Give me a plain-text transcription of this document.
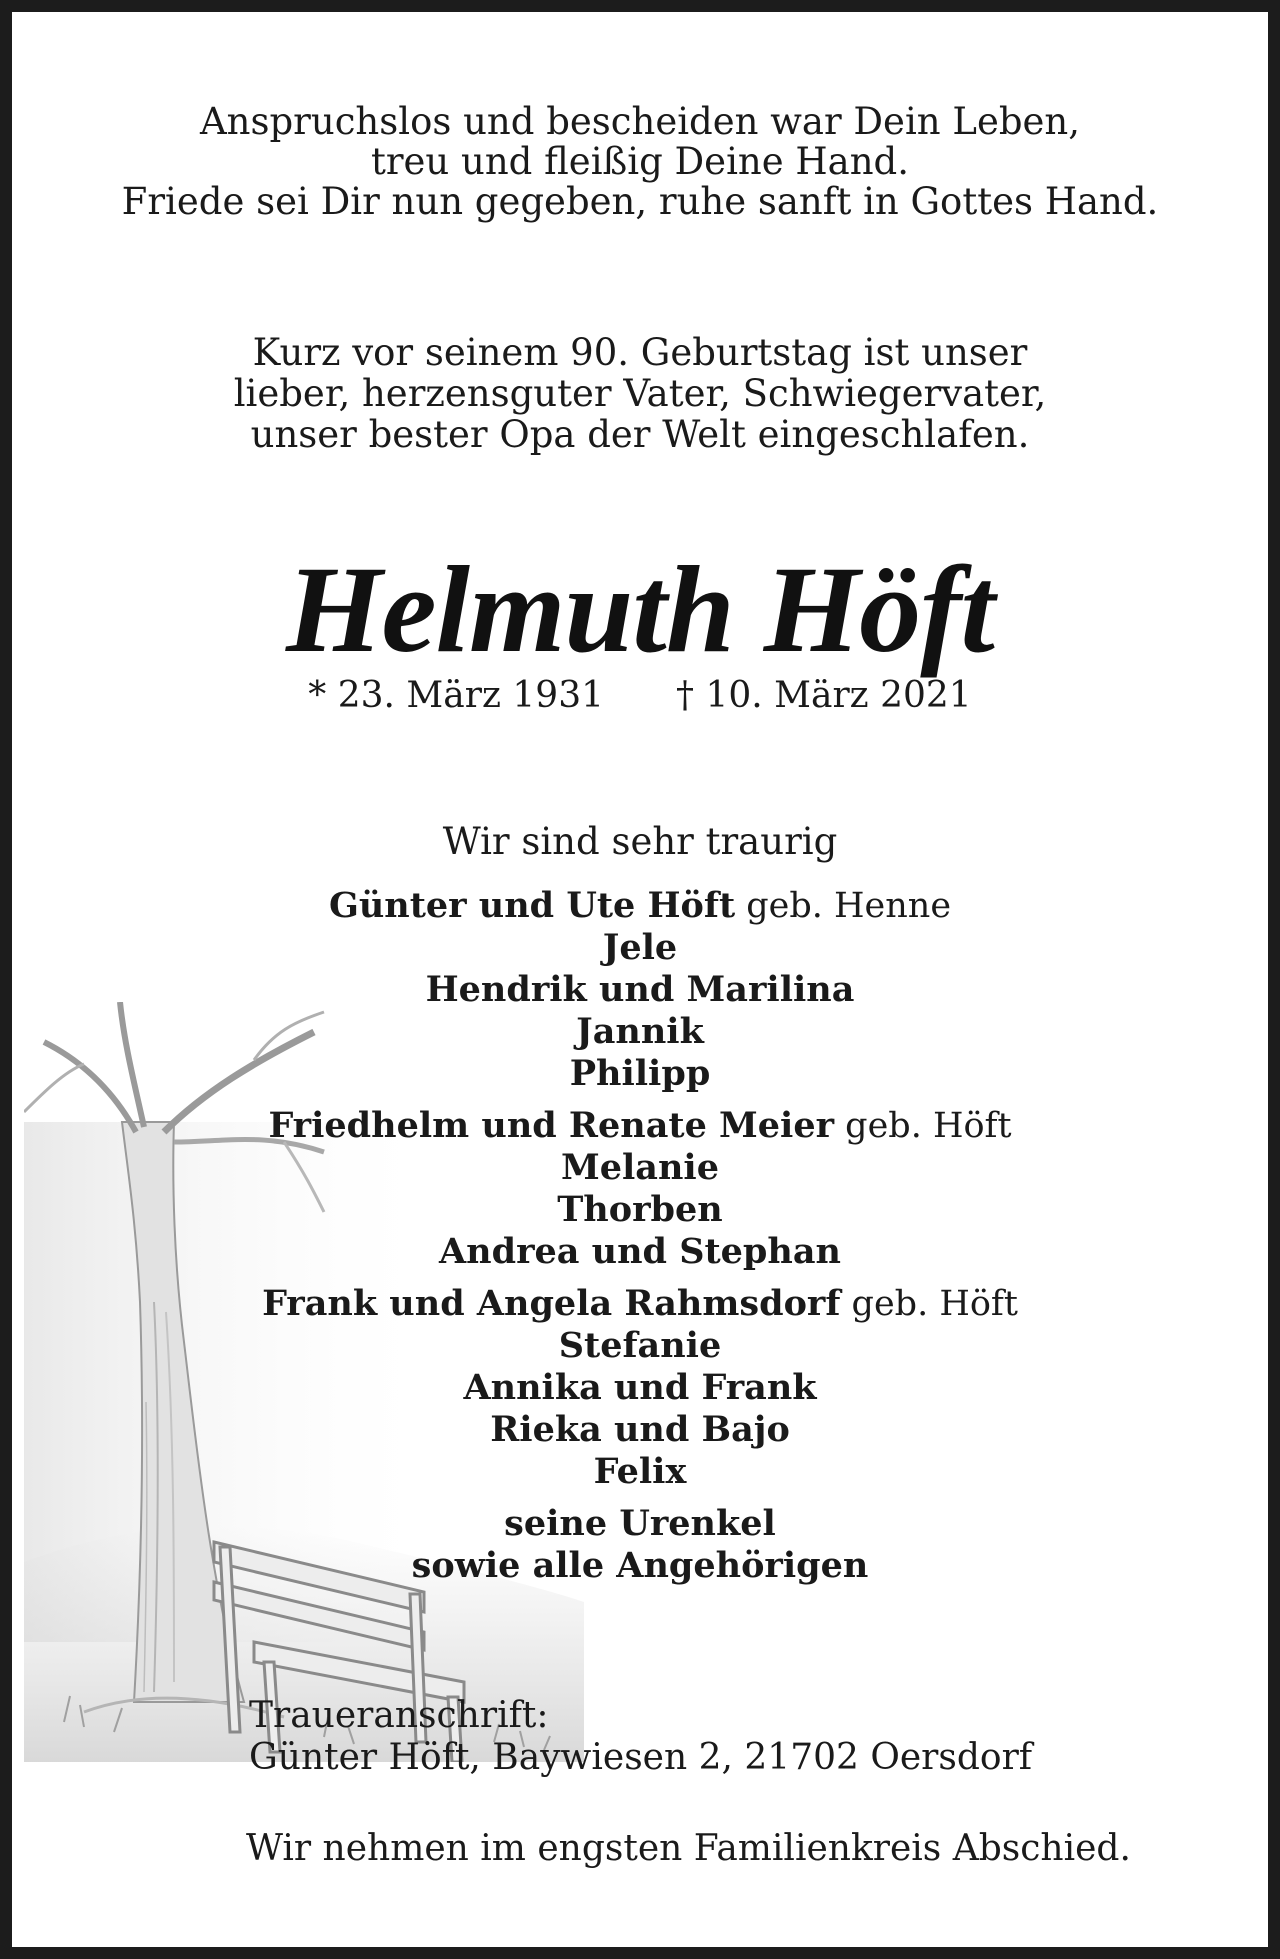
Anspruchslos und bescheiden war Dein Leben,
treu und fleißig Deine Hand.
Friede sei Dir nun gegeben, ruhe sanft in Gottes Hand.
Kurz vor seinem 90. Geburtstag ist unser
lieber, herzensguter Vater, Schwiegervater,
unser bester Opa der Welt eingeschlafen.
Helmuth Höft
* 23. März 1931 † 10. März 2021
Wir sind sehr traurig
Günter und Ute Höft geb. Henne
Jele
Hendrik und Marilina
Jannik
Philipp
Friedhelm und Renate Meier geb. Höft
Melanie
Thorben
Andrea und Stephan
Frank und Angela Rahmsdorf geb. Höft
Stefanie
Annika und Frank
Rieka und Bajo
Felix
seine Urenkel
sowie alle Angehörigen
Traueranschrift:
Günter Höft, Baywiesen 2, 21702 Oersdorf
Wir nehmen im engsten Familienkreis Abschied.
